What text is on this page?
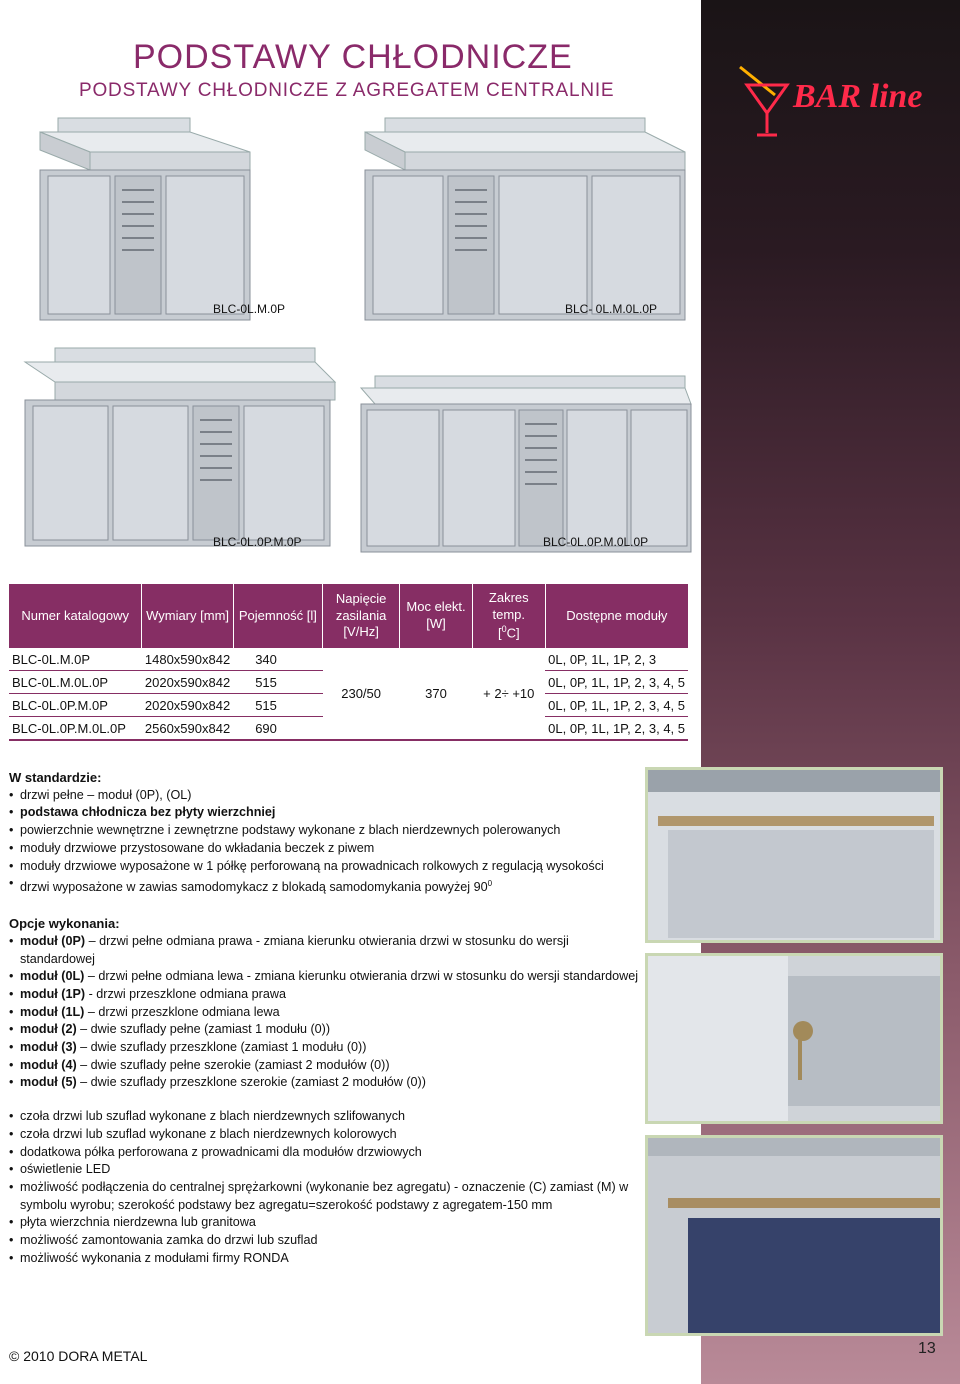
BAR line
PODSTAWY CHŁODNICZE
PODSTAWY CHŁODNICZE Z AGREGATEM CENTRALNIE
BLC-0L.M.0P	BLC- 0L.M.0L.0P
BLC-0L.0P.M.0P	BLC-0L.0P.M.0L.0P
Numer katalogowy	Wymiary [mm]	Pojemność [l]	Napięcie zasilania [V/Hz]	Moc elekt. [W]	Zakres temp.
[$^0$C]	Dostępne moduły
BLC-0L.M.0P	1480x590x842	340	230/50	370	+ 2÷ +10	0L, 0P, 1L, 1P, 2, 3
BLC-0L.M.0L.0P	2020x590x842	515				0L, 0P, 1L, 1P, 2, 3, 4, 5
BLC-0L.0P.M.0P	2020x590x842	515				0L, 0P, 1L, 1P, 2, 3, 4, 5
BLC-0L.0P.M.0L.0P	2560x590x842	690				0L, 0P, 1L, 1P, 2, 3, 4, 5
W standardzie:
• drzwi pełne – moduł (0P), (OL)
• podstawa chłodnicza bez płyty wierzchniej
• powierzchnie wewnętrzne i zewnętrzne podstawy wykonane z blach nierdzewnych polerowanych
• moduły drzwiowe przystosowane do wkładania beczek z piwem
• moduły drzwiowe wyposażone w 1 półkę perforowaną na prowadnicach rolkowych z regulacją wysokości
• drzwi wyposażone w zawias samodomykacz z blokadą samodomykania powyżej $90^0$
Opcje wykonania:
• moduł (0P) – drzwi pełne odmiana prawa - zmiana kierunku otwierania drzwi w stosunku do wersji standardowej
• moduł (0L) – drzwi pełne odmiana lewa - zmiana kierunku otwierania drzwi w stosunku do wersji standardowej
• moduł (1P) - drzwi przeszklone odmiana prawa
• moduł (1L) – drzwi przeszklone odmiana lewa
• moduł (2) – dwie szuflady pełne (zamiast 1 modułu (0))
• moduł (3) – dwie szuflady przeszklone (zamiast 1 modułu (0))
• moduł (4) – dwie szuflady pełne szerokie (zamiast 2 modułów (0))
• moduł (5) – dwie szuflady przeszklone szerokie (zamiast 2 modułów (0))
• czoła drzwi lub szuflad wykonane z blach nierdzewnych szlifowanych
• czoła drzwi lub szuflad wykonane z blach nierdzewnych kolorowych
• dodatkowa półka perforowana z prowadnicami dla modułów drzwiowych
• oświetlenie LED
• możliwość podłączenia do centralnej sprężarkowni (wykonanie bez agregatu) - oznaczenie (C) zamiast (M) w symbolu wyrobu; szerokość podstawy bez agregatu=szerokość podstawy z agregatem-150 mm
• płyta wierzchnia nierdzewna lub granitowa
• możliwość zamontowania zamka do drzwi lub szuflad
• możliwość wykonania z modułami firmy RONDA
© 2010 DORA METAL	13
